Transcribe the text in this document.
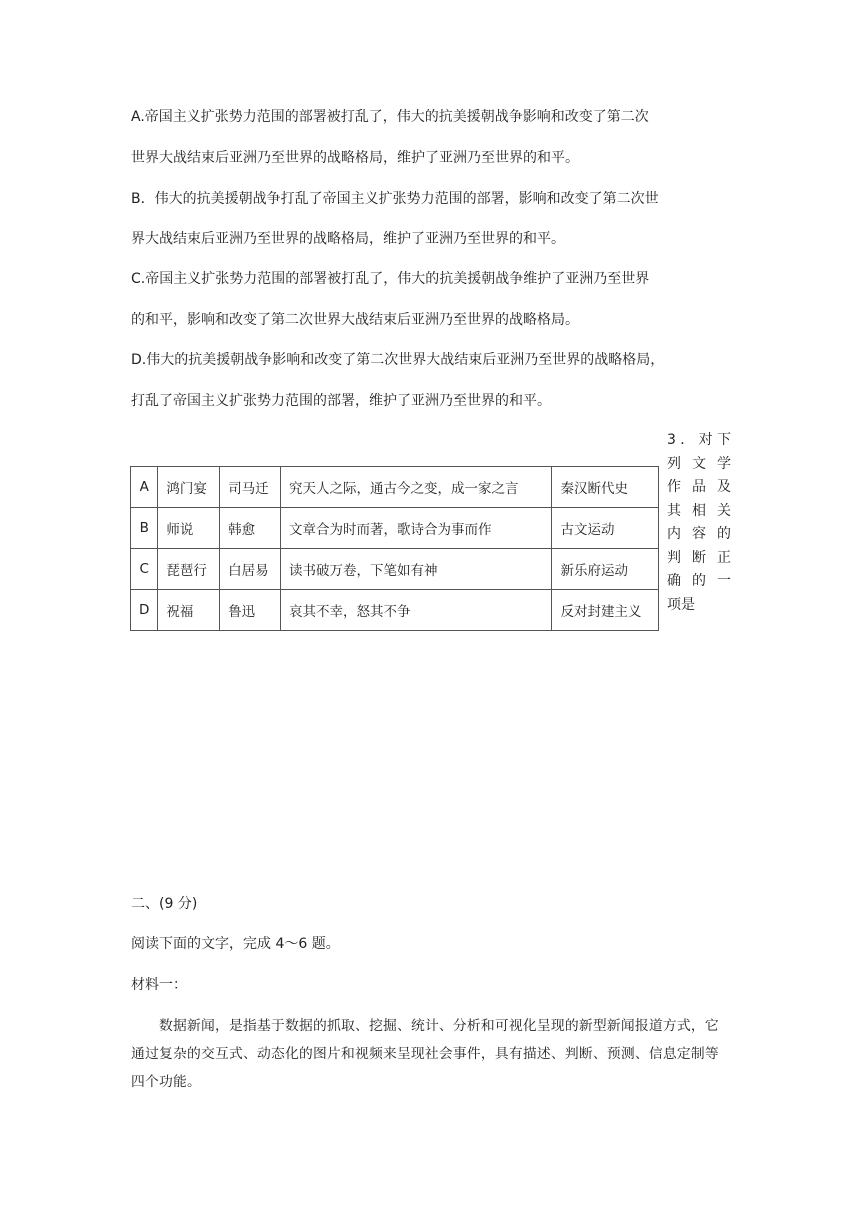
A.帝国主义扩张势力范围的部署被打乱了，伟大的抗美援朝战争影响和改变了第二次
世界大战结束后亚洲乃至世界的战略格局，维护了亚洲乃至世界的和平。
B．伟大的抗美援朝战争打乱了帝国主义扩张势力范围的部署，影响和改变了第二次世
界大战结束后亚洲乃至世界的战略格局，维护了亚洲乃至世界的和平。
C.帝国主义扩张势力范围的部署被打乱了，伟大的抗美援朝战争维护了亚洲乃至世界
的和平，影响和改变了第二次世界大战结束后亚洲乃至世界的战略格局。
D.伟大的抗美援朝战争影响和改变了第二次世界大战结束后亚洲乃至世界的战略格局，
打乱了帝国主义扩张势力范围的部署，维护了亚洲乃至世界的和平。
A	鸿门宴	司马迁	究天人之际，通古今之变，成一家之言	秦汉断代史
B	师说	韩愈	文章合为时而著，歌诗合为事而作	古文运动
C	琵琶行	白居易	读书破万卷，下笔如有神	新乐府运动
D	祝福	鲁迅	哀其不幸，怒其不争	反对封建主义
3．对下
列文学
作品及
其相关
内容的
判断正
确的一
项是
二、(9 分)
阅读下面的文字，完成 4～6 题。
材料一：
数据新闻，是指基于数据的抓取、挖掘、统计、分析和可视化呈现的新型新闻报道方式，它通过复杂的交互式、动态化的图片和视频来呈现社会事件，具有描述、判断、预测、信息定制等四个功能。
